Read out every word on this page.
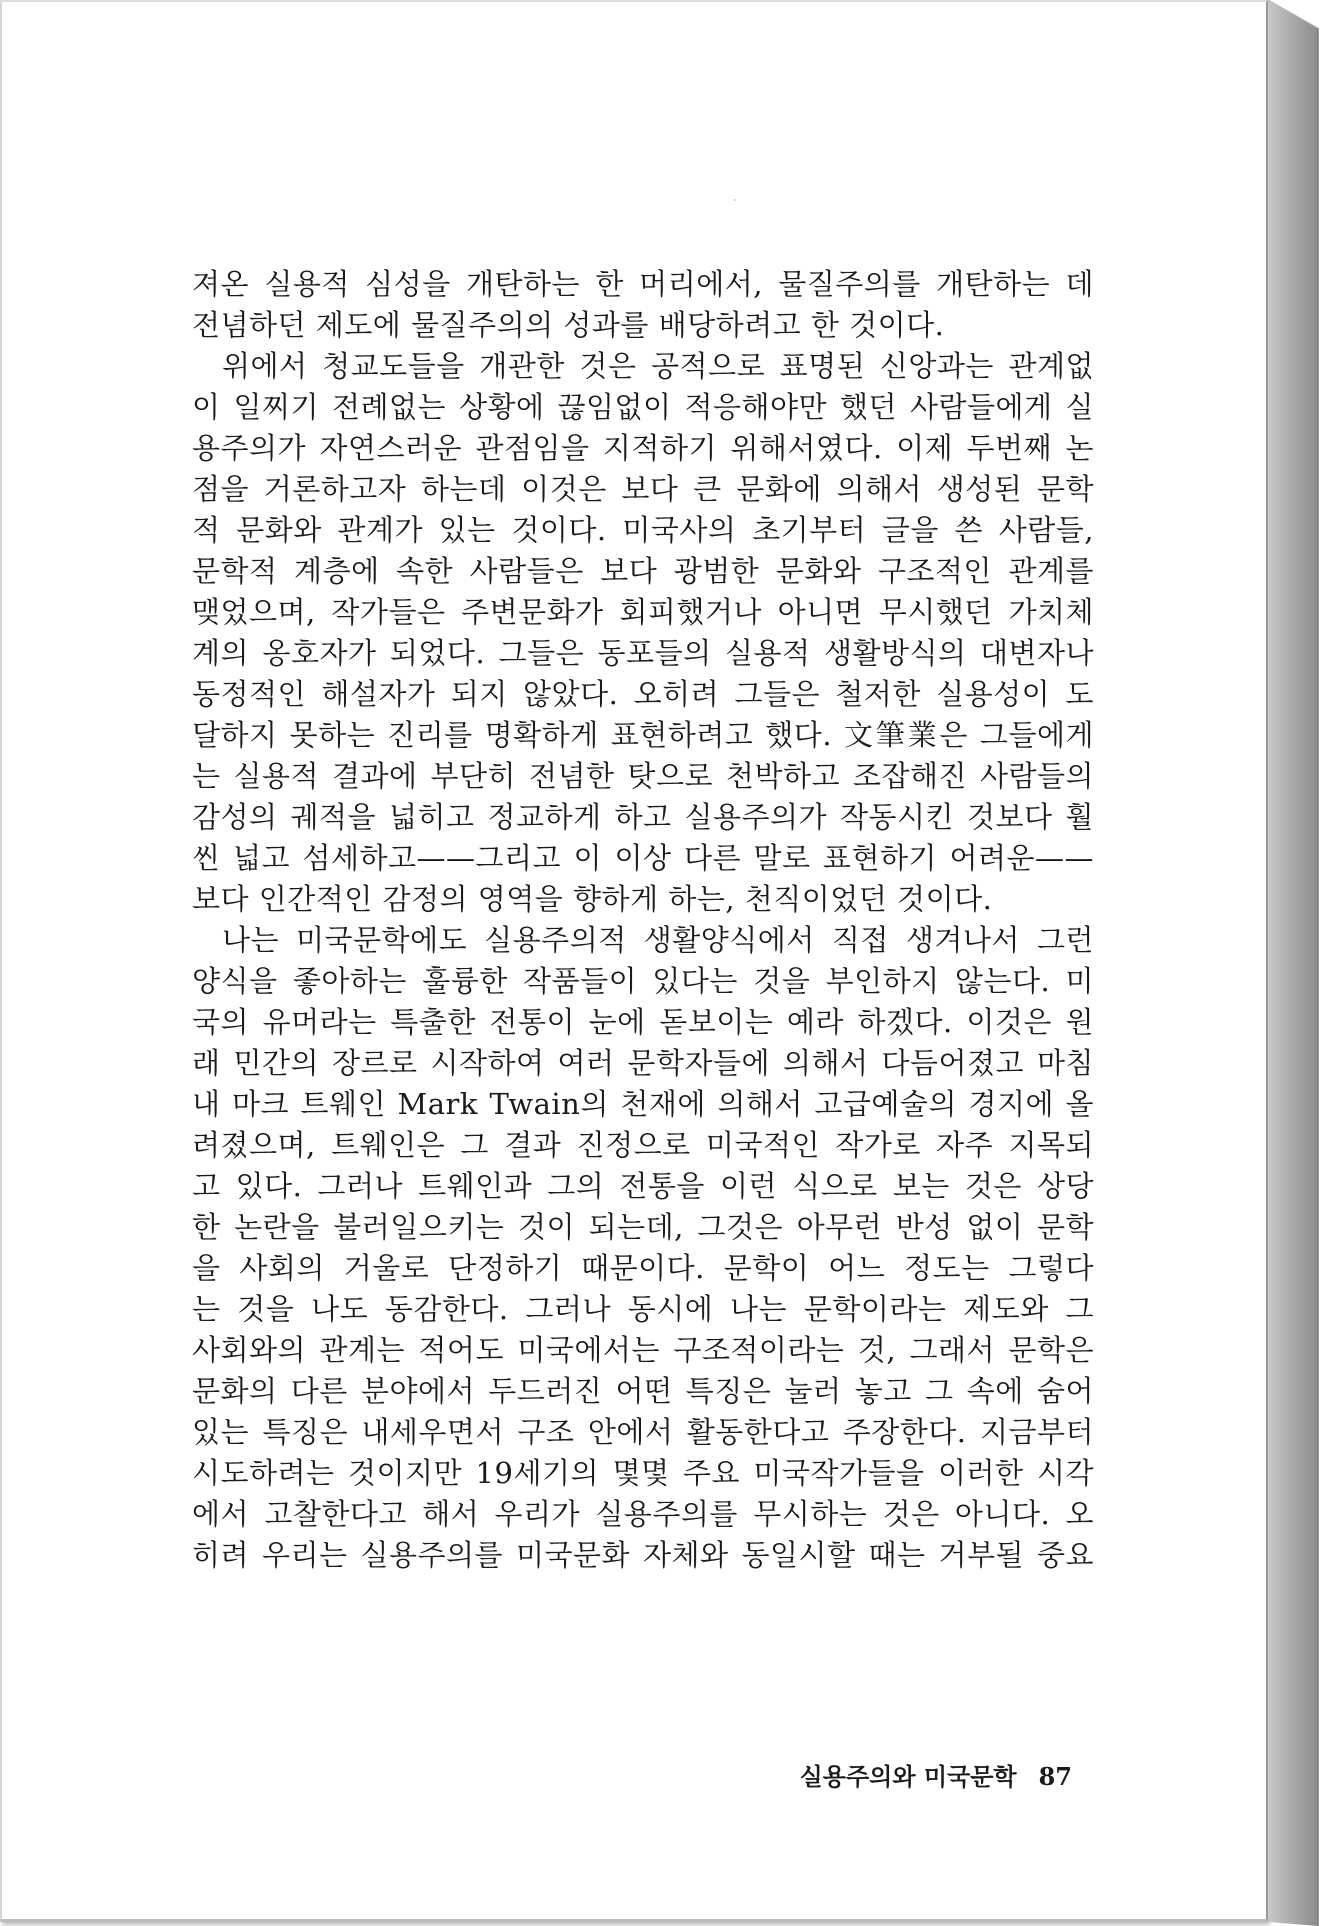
져온 실용적 심성을 개탄하는 한 머리에서, 물질주의를 개탄하는 데
전념하던 제도에 물질주의의 성과를 배당하려고 한 것이다.
위에서 청교도들을 개관한 것은 공적으로 표명된 신앙과는 관계없
이 일찌기 전례없는 상황에 끊임없이 적응해야만 했던 사람들에게 실
용주의가 자연스러운 관점임을 지적하기 위해서였다. 이제 두번째 논
점을 거론하고자 하는데 이것은 보다 큰 문화에 의해서 생성된 문학
적 문화와 관계가 있는 것이다. 미국사의 초기부터 글을 쓴 사람들,
문학적 계층에 속한 사람들은 보다 광범한 문화와 구조적인 관계를
맺었으며, 작가들은 주변문화가 회피했거나 아니면 무시했던 가치체
계의 옹호자가 되었다. 그들은 동포들의 실용적 생활방식의 대변자나
동정적인 해설자가 되지 않았다. 오히려 그들은 철저한 실용성이 도
달하지 못하는 진리를 명확하게 표현하려고 했다. 文筆業은 그들에게
는 실용적 결과에 부단히 전념한 탓으로 천박하고 조잡해진 사람들의
감성의 궤적을 넓히고 정교하게 하고 실용주의가 작동시킨 것보다 훨
씬 넓고 섬세하고——그리고 이 이상 다른 말로 표현하기 어려운——
보다 인간적인 감정의 영역을 향하게 하는, 천직이었던 것이다.
나는 미국문학에도 실용주의적 생활양식에서 직접 생겨나서 그런
양식을 좋아하는 훌륭한 작품들이 있다는 것을 부인하지 않는다. 미
국의 유머라는 특출한 전통이 눈에 돋보이는 예라 하겠다. 이것은 원
래 민간의 장르로 시작하여 여러 문학자들에 의해서 다듬어졌고 마침
내 마크 트웨인 Mark Twain의 천재에 의해서 고급예술의 경지에 올
려졌으며, 트웨인은 그 결과 진정으로 미국적인 작가로 자주 지목되
고 있다. 그러나 트웨인과 그의 전통을 이런 식으로 보는 것은 상당
한 논란을 불러일으키는 것이 되는데, 그것은 아무런 반성 없이 문학
을 사회의 거울로 단정하기 때문이다. 문학이 어느 정도는 그렇다
는 것을 나도 동감한다. 그러나 동시에 나는 문학이라는 제도와 그
사회와의 관계는 적어도 미국에서는 구조적이라는 것, 그래서 문학은
문화의 다른 분야에서 두드러진 어떤 특징은 눌러 놓고 그 속에 숨어
있는 특징은 내세우면서 구조 안에서 활동한다고 주장한다. 지금부터
시도하려는 것이지만 19세기의 몇몇 주요 미국작가들을 이러한 시각
에서 고찰한다고 해서 우리가 실용주의를 무시하는 것은 아니다. 오
히려 우리는 실용주의를 미국문화 자체와 동일시할 때는 거부될 중요
실용주의와 미국문학 87
